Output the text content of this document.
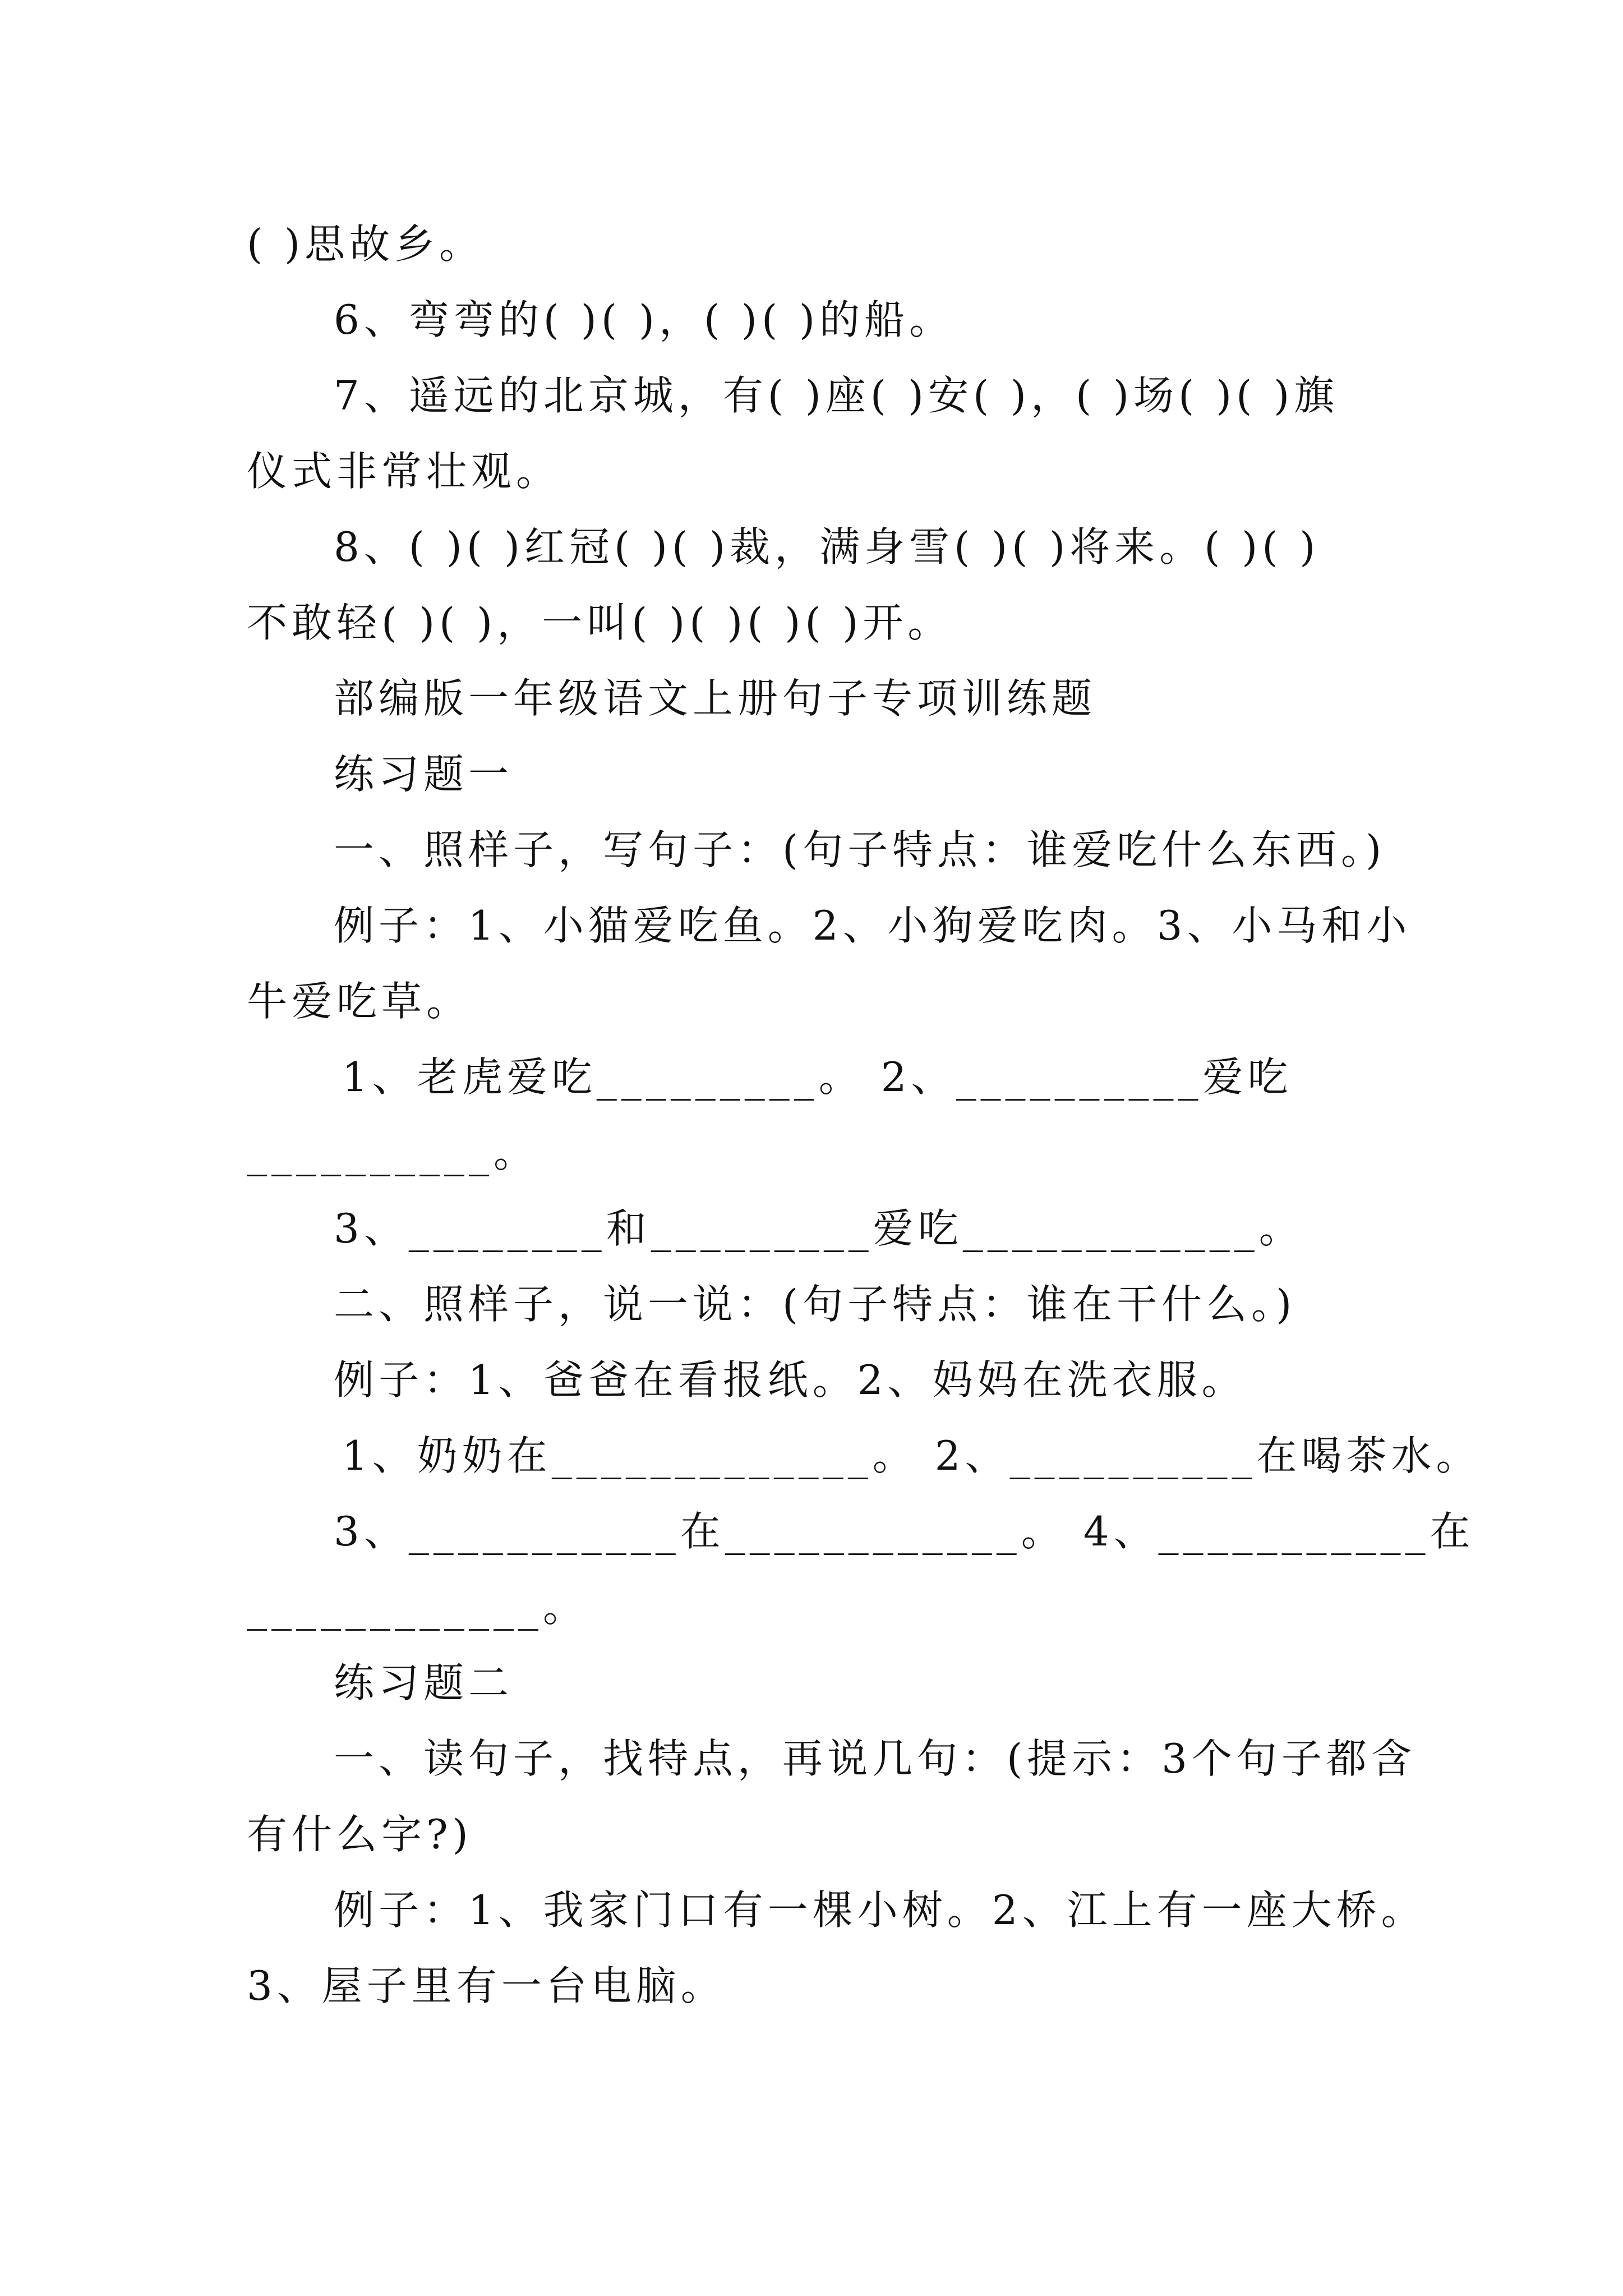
( )思故乡。
6、弯弯的( )( )，( )( )的船。
7、遥远的北京城，有( )座( )安( )，( )场( )( )旗
仪式非常壮观。
8、( )( )红冠( )( )裁，满身雪( )( )将来。( )( )
不敢轻( )( )，一叫( )( )( )( )开。
部编版一年级语文上册句子专项训练题
练习题一
一、照样子，写句子：(句子特点：谁爱吃什么东西。)
例子：1、小猫爱吃鱼。2、小狗爱吃肉。3、小马和小
牛爱吃草。
1、老虎爱吃_________。 2、__________爱吃
__________。
3、________和_________爱吃____________。
二、照样子，说一说：(句子特点：谁在干什么。)
例子：1、爸爸在看报纸。2、妈妈在洗衣服。
1、奶奶在_____________。 2、__________在喝茶水。
3、___________在____________。 4、___________在
____________。
练习题二
一、读句子，找特点，再说几句：(提示：3个句子都含
有什么字?)
例子：1、我家门口有一棵小树。2、江上有一座大桥。
3、屋子里有一台电脑。
